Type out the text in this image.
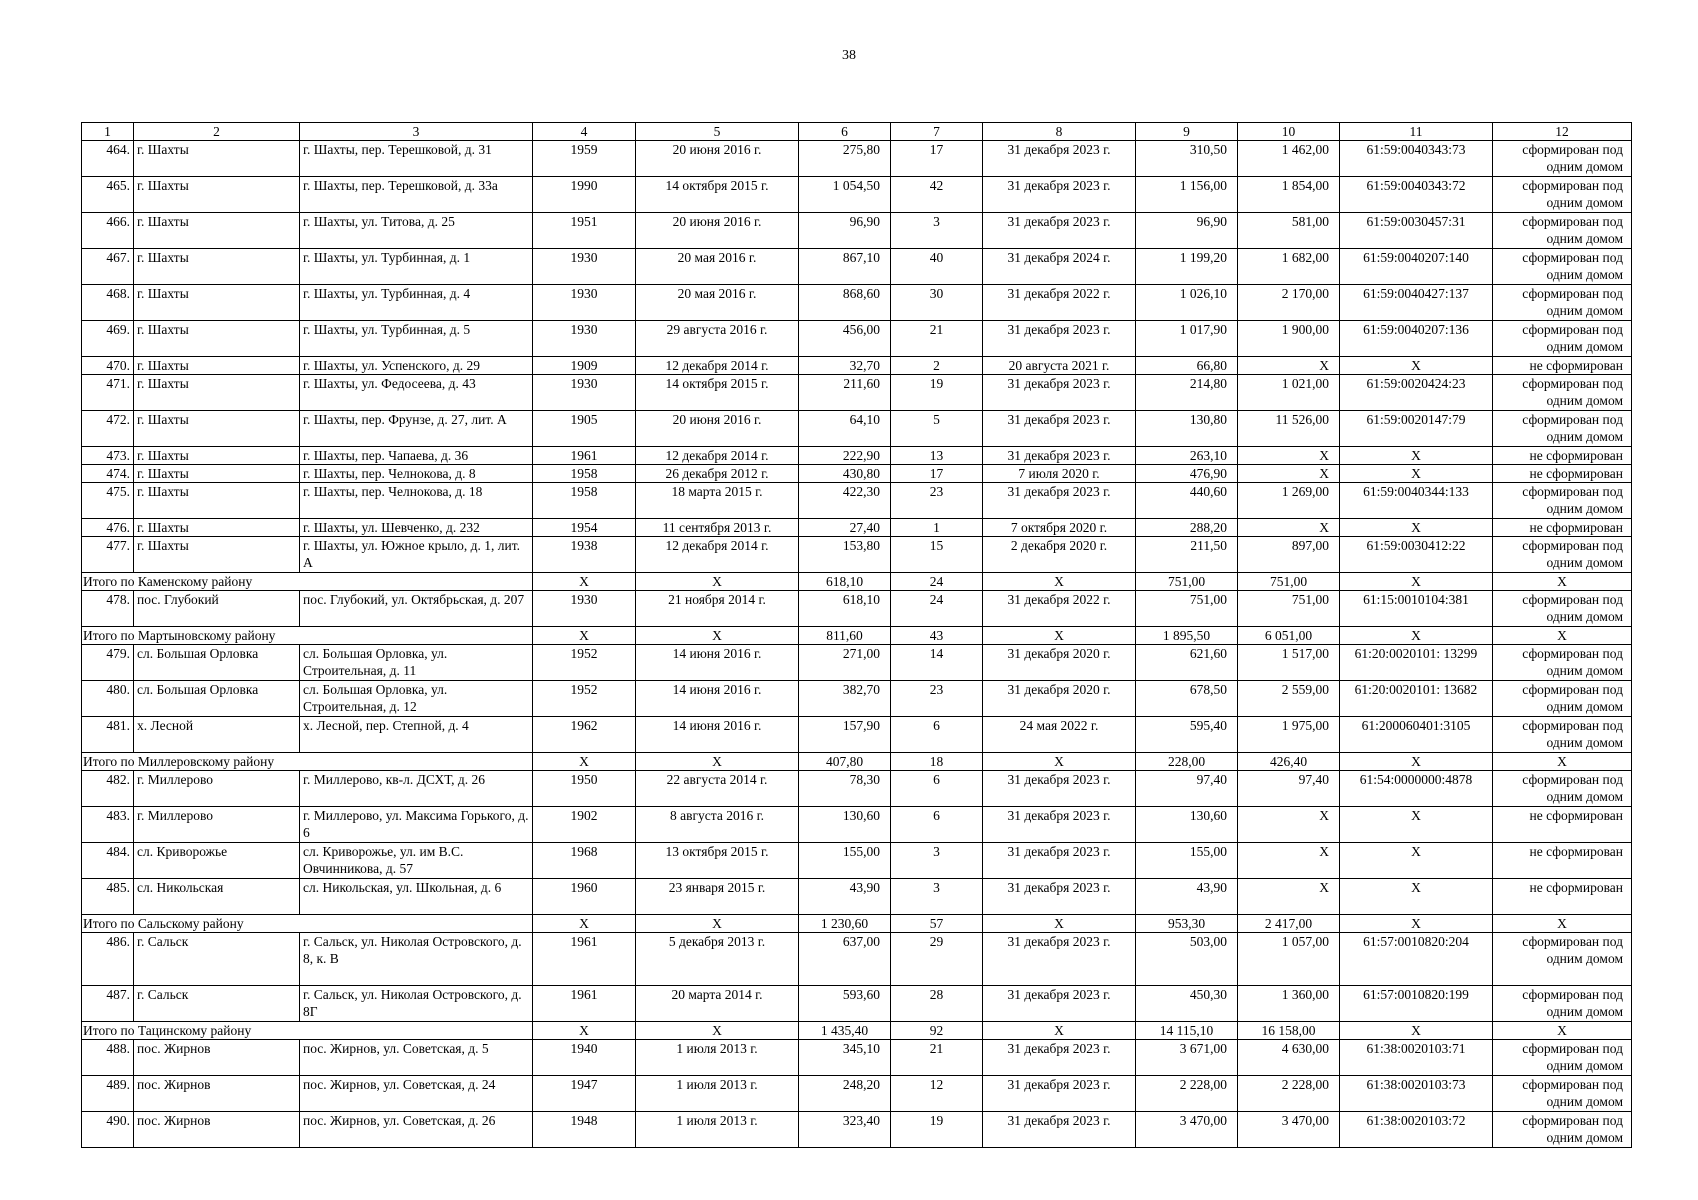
38
1	2	3	4	5	6	7	8	9	10	11	12
464.	г. Шахты	г. Шахты, пер. Терешковой, д. 31	1959	20 июня 2016 г.	275,80	17	31 декабря 2023 г.	310,50	1 462,00	61:59:0040343:73	сформирован под одним домом
465.	г. Шахты	г. Шахты, пер. Терешковой, д. 33а	1990	14 октября 2015 г.	1 054,50	42	31 декабря 2023 г.	1 156,00	1 854,00	61:59:0040343:72	сформирован под одним домом
466.	г. Шахты	г. Шахты, ул. Титова, д. 25	1951	20 июня 2016 г.	96,90	3	31 декабря 2023 г.	96,90	581,00	61:59:0030457:31	сформирован под одним домом
467.	г. Шахты	г. Шахты, ул. Турбинная, д. 1	1930	20 мая 2016 г.	867,10	40	31 декабря 2024 г.	1 199,20	1 682,00	61:59:0040207:140	сформирован под одним домом
468.	г. Шахты	г. Шахты, ул. Турбинная, д. 4	1930	20 мая 2016 г.	868,60	30	31 декабря 2022 г.	1 026,10	2 170,00	61:59:0040427:137	сформирован под одним домом
469.	г. Шахты	г. Шахты, ул. Турбинная, д. 5	1930	29 августа 2016 г.	456,00	21	31 декабря 2023 г.	1 017,90	1 900,00	61:59:0040207:136	сформирован под одним домом
470.	г. Шахты	г. Шахты, ул. Успенского, д. 29	1909	12 декабря 2014 г.	32,70	2	20 августа 2021 г.	66,80	X	X	не сформирован
471.	г. Шахты	г. Шахты, ул. Федосеева, д. 43	1930	14 октября 2015 г.	211,60	19	31 декабря 2023 г.	214,80	1 021,00	61:59:0020424:23	сформирован под одним домом
472.	г. Шахты	г. Шахты, пер. Фрунзе, д. 27, лит. А	1905	20 июня 2016 г.	64,10	5	31 декабря 2023 г.	130,80	11 526,00	61:59:0020147:79	сформирован под одним домом
473.	г. Шахты	г. Шахты, пер. Чапаева, д. 36	1961	12 декабря 2014 г.	222,90	13	31 декабря 2023 г.	263,10	X	X	не сформирован
474.	г. Шахты	г. Шахты, пер. Челнокова, д. 8	1958	26 декабря 2012 г.	430,80	17	7 июля 2020 г.	476,90	X	X	не сформирован
475.	г. Шахты	г. Шахты, пер. Челнокова, д. 18	1958	18 марта 2015 г.	422,30	23	31 декабря 2023 г.	440,60	1 269,00	61:59:0040344:133	сформирован под одним домом
476.	г. Шахты	г. Шахты, ул. Шевченко, д. 232	1954	11 сентября 2013 г.	27,40	1	7 октября 2020 г.	288,20	X	X	не сформирован
477.	г. Шахты	г. Шахты, ул. Южное крыло, д. 1, лит. А	1938	12 декабря 2014 г.	153,80	15	2 декабря 2020 г.	211,50	897,00	61:59:0030412:22	сформирован под одним домом
Итого по Каменскому району			X	X	618,10	24	X	751,00	751,00	X	X
478.	пос. Глубокий	пос. Глубокий, ул. Октябрьская, д. 207	1930	21 ноября 2014 г.	618,10	24	31 декабря 2022 г.	751,00	751,00	61:15:0010104:381	сформирован под одним домом
Итого по Мартыновскому району			X	X	811,60	43	X	1 895,50	6 051,00	X	X
479.	сл. Большая Орловка	сл. Большая Орловка, ул. Строительная, д. 11	1952	14 июня 2016 г.	271,00	14	31 декабря 2020 г.	621,60	1 517,00	61:20:0020101: 13299	сформирован под одним домом
480.	сл. Большая Орловка	сл. Большая Орловка, ул. Строительная, д. 12	1952	14 июня 2016 г.	382,70	23	31 декабря 2020 г.	678,50	2 559,00	61:20:0020101: 13682	сформирован под одним домом
481.	х. Лесной	х. Лесной, пер. Степной, д. 4	1962	14 июня 2016 г.	157,90	6	24 мая 2022 г.	595,40	1 975,00	61:200060401:3105	сформирован под одним домом
Итого по Миллеровскому району			X	X	407,80	18	X	228,00	426,40	X	X
482.	г. Миллерово	г. Миллерово, кв-л. ДСХТ, д. 26	1950	22 августа 2014 г.	78,30	6	31 декабря 2023 г.	97,40	97,40	61:54:0000000:4878	сформирован под одним домом
483.	г. Миллерово	г. Миллерово, ул. Максима Горького, д. 6	1902	8 августа 2016 г.	130,60	6	31 декабря 2023 г.	130,60	X	X	не сформирован
484.	сл. Криворожье	сл. Криворожье, ул. им В.С. Овчинникова, д. 57	1968	13 октября 2015 г.	155,00	3	31 декабря 2023 г.	155,00	X	X	не сформирован
485.	сл. Никольская	сл. Никольская, ул. Школьная, д. 6	1960	23 января 2015 г.	43,90	3	31 декабря 2023 г.	43,90	X	X	не сформирован
Итого по Сальскому району			X	X	1 230,60	57	X	953,30	2 417,00	X	X
486.	г. Сальск	г. Сальск, ул. Николая Островского, д. 8, к. В	1961	5 декабря 2013 г.	637,00	29	31 декабря 2023 г.	503,00	1 057,00	61:57:0010820:204	сформирован под одним домом
487.	г. Сальск	г. Сальск, ул. Николая Островского, д. 8Г	1961	20 марта 2014 г.	593,60	28	31 декабря 2023 г.	450,30	1 360,00	61:57:0010820:199	сформирован под одним домом
Итого по Тацинскому району			X	X	1 435,40	92	X	14 115,10	16 158,00	X	X
488.	пос. Жирнов	пос. Жирнов, ул. Советская, д. 5	1940	1 июля 2013 г.	345,10	21	31 декабря 2023 г.	3 671,00	4 630,00	61:38:0020103:71	сформирован под одним домом
489.	пос. Жирнов	пос. Жирнов, ул. Советская, д. 24	1947	1 июля 2013 г.	248,20	12	31 декабря 2023 г.	2 228,00	2 228,00	61:38:0020103:73	сформирован под одним домом
490.	пос. Жирнов	пос. Жирнов, ул. Советская, д. 26	1948	1 июля 2013 г.	323,40	19	31 декабря 2023 г.	3 470,00	3 470,00	61:38:0020103:72	сформирован под одним домом
